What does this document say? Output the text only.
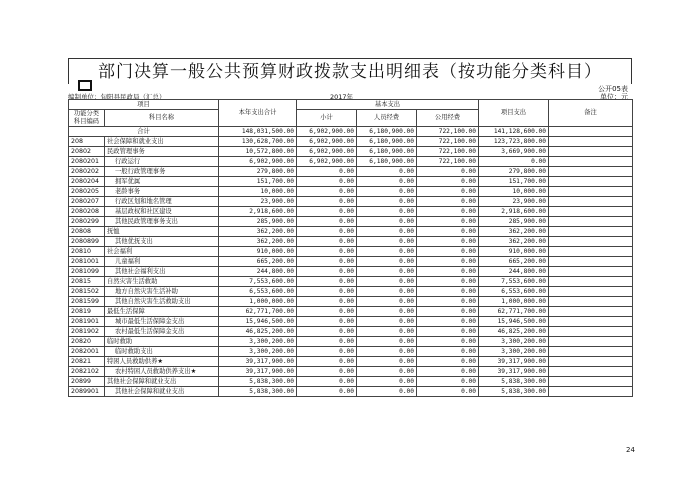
部门决算一般公共预算财政拨款支出明细表（按功能分类科目）
公开05表
编制单位：旬阳县民政局（汇总）	2017年	单位：元
项目		本年支出合计	基本支出			项目支出	备注
功能分类科目编码	科目名称		小计	人员经费	公用经费		

合计		148,031,500.00	6,902,900.00	6,180,900.00	722,100.00	141,128,600.00	
208	社会保障和就业支出	130,628,700.00	6,902,900.00	6,180,900.00	722,100.00	123,723,800.00	
20802	民政管理事务	10,572,800.00	6,902,900.00	6,180,900.00	722,100.00	3,669,900.00	
2080201	行政运行	6,902,900.00	6,902,900.00	6,180,900.00	722,100.00	0.00	
2080202	一般行政管理事务	279,800.00	0.00	0.00	0.00	279,800.00	
2080204	拥军优属	151,700.00	0.00	0.00	0.00	151,700.00	
2080205	老龄事务	10,000.00	0.00	0.00	0.00	10,000.00	
2080207	行政区划和地名管理	23,900.00	0.00	0.00	0.00	23,900.00	
2080208	基层政权和社区建设	2,918,600.00	0.00	0.00	0.00	2,918,600.00	
2080299	其他民政管理事务支出	285,900.00	0.00	0.00	0.00	285,900.00	
20808	抚恤	362,200.00	0.00	0.00	0.00	362,200.00	
2080899	其他优抚支出	362,200.00	0.00	0.00	0.00	362,200.00	
20810	社会福利	910,000.00	0.00	0.00	0.00	910,000.00	
2081001	儿童福利	665,200.00	0.00	0.00	0.00	665,200.00	
2081099	其他社会福利支出	244,800.00	0.00	0.00	0.00	244,800.00	
20815	自然灾害生活救助	7,553,600.00	0.00	0.00	0.00	7,553,600.00	
2081502	地方自然灾害生活补助	6,553,600.00	0.00	0.00	0.00	6,553,600.00	
2081599	其他自然灾害生活救助支出	1,000,000.00	0.00	0.00	0.00	1,000,000.00	
20819	最低生活保障	62,771,700.00	0.00	0.00	0.00	62,771,700.00	
2081901	城市最低生活保障金支出	15,946,500.00	0.00	0.00	0.00	15,946,500.00	
2081902	农村最低生活保障金支出	46,825,200.00	0.00	0.00	0.00	46,825,200.00	
20820	临时救助	3,300,200.00	0.00	0.00	0.00	3,300,200.00	
2082001	临时救助支出	3,300,200.00	0.00	0.00	0.00	3,300,200.00	
20821	特困人员救助供养★	39,317,900.00	0.00	0.00	0.00	39,317,900.00	
2082102	农村特困人员救助供养支出★	39,317,900.00	0.00	0.00	0.00	39,317,900.00	
20899	其他社会保障和就业支出	5,838,300.00	0.00	0.00	0.00	5,838,300.00	
2089901	其他社会保障和就业支出	5,838,300.00	0.00	0.00	0.00	5,838,300.00	
24
